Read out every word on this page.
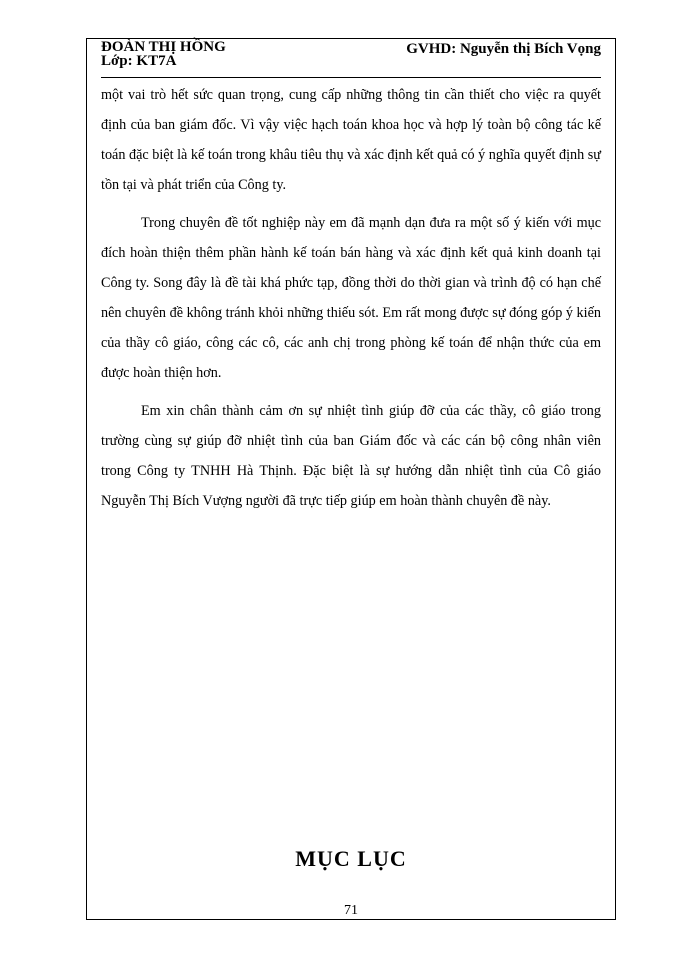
ĐOÀN THỊ HỒNG
Lớp: KT7A
GVHD: Nguyễn thị Bích Vọng

một vai trò hết sức quan trọng, cung cấp những thông tin cần thiết cho việc ra quyết định của ban giám đốc. Vì vậy việc hạch toán khoa học và hợp lý toàn bộ công tác kế toán đặc biệt là kế toán trong khâu tiêu thụ và xác định kết quả có ý nghĩa quyết định sự tồn tại và phát triển của Công ty.

Trong chuyên đề tốt nghiệp này em đã mạnh dạn đưa ra một số ý kiến với mục đích hoàn thiện thêm phần hành kế toán bán hàng và xác định kết quả kinh doanh tại Công ty. Song đây là đề tài khá phức tạp, đồng thời do thời gian và trình độ có hạn chế nên chuyên đề không tránh khỏi những thiếu sót. Em rất mong được sự đóng góp ý kiến của thầy cô giáo, công các cô, các anh chị trong phòng kế toán để nhận thức của em được hoàn thiện hơn.

Em xin chân thành cảm ơn sự nhiệt tình giúp đỡ của các thầy, cô giáo trong trường cùng sự giúp đỡ nhiệt tình của ban Giám đốc và các cán bộ công nhân viên trong Công ty TNHH Hà Thịnh. Đặc biệt là sự hướng dẫn nhiệt tình của Cô giáo Nguyễn Thị Bích Vượng người đã trực tiếp giúp em hoàn thành chuyên đề này.

MỤC LỤC
71
